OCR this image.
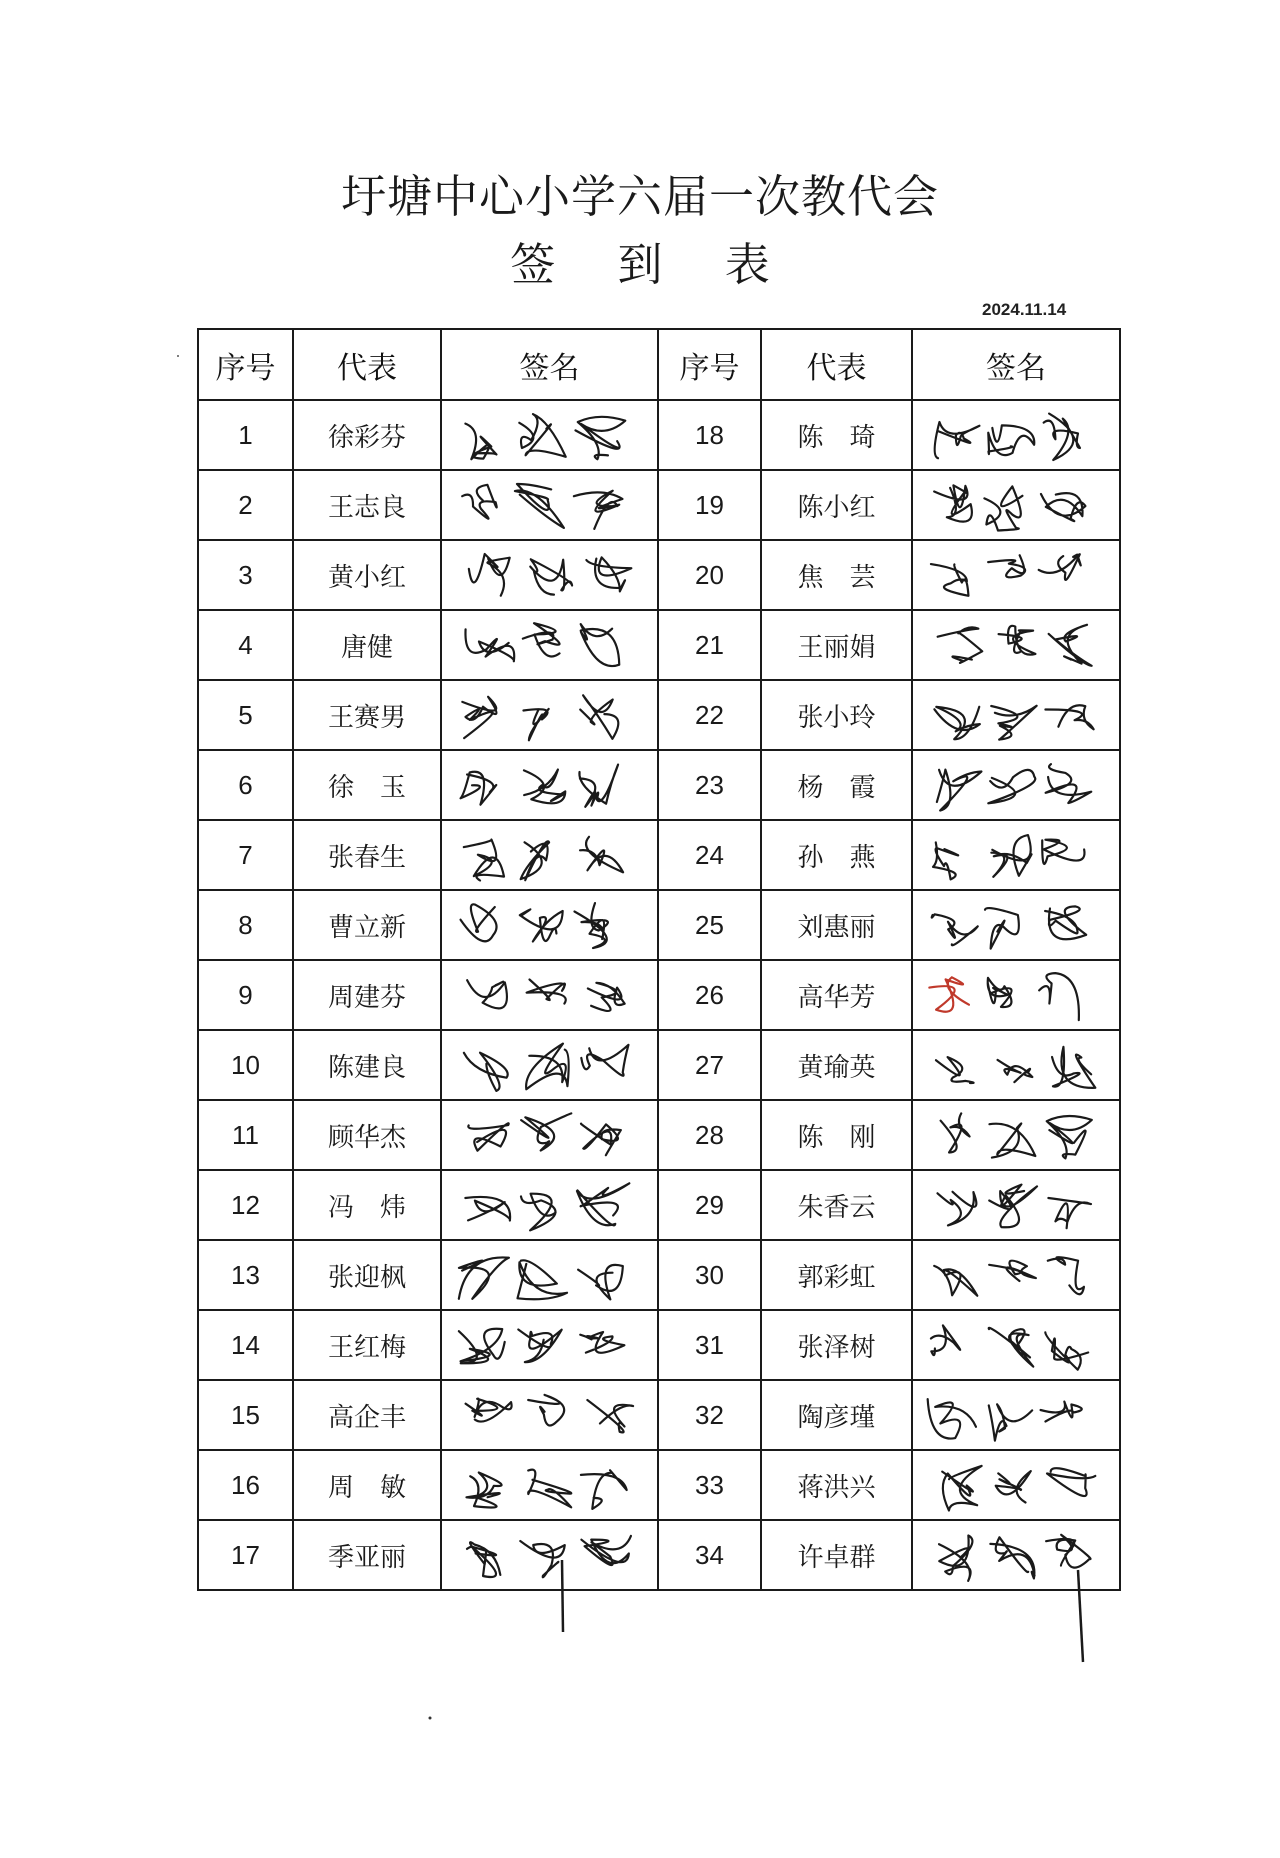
圩塘中心小学六届一次教代会
签 到 表
2024.11.14
序号	代表	签名	序号	代表	签名
1	徐彩芬		18	陈　琦	

2	王志良		19	陈小红	

3	黄小红		20	焦　芸	

4	唐健		21	王丽娟	

5	王赛男		22	张小玲	

6	徐　玉		23	杨　霞	

7	张春生		24	孙　燕	

8	曹立新		25	刘惠丽	

9	周建芬		26	高华芳	

10	陈建良		27	黄瑜英	

11	顾华杰		28	陈　刚	

12	冯　炜		29	朱香云	

13	张迎枫		30	郭彩虹	

14	王红梅		31	张泽树	

15	高企丰		32	陶彦瑾	

16	周　敏		33	蒋洪兴	

17	季亚丽		34	许卓群	
